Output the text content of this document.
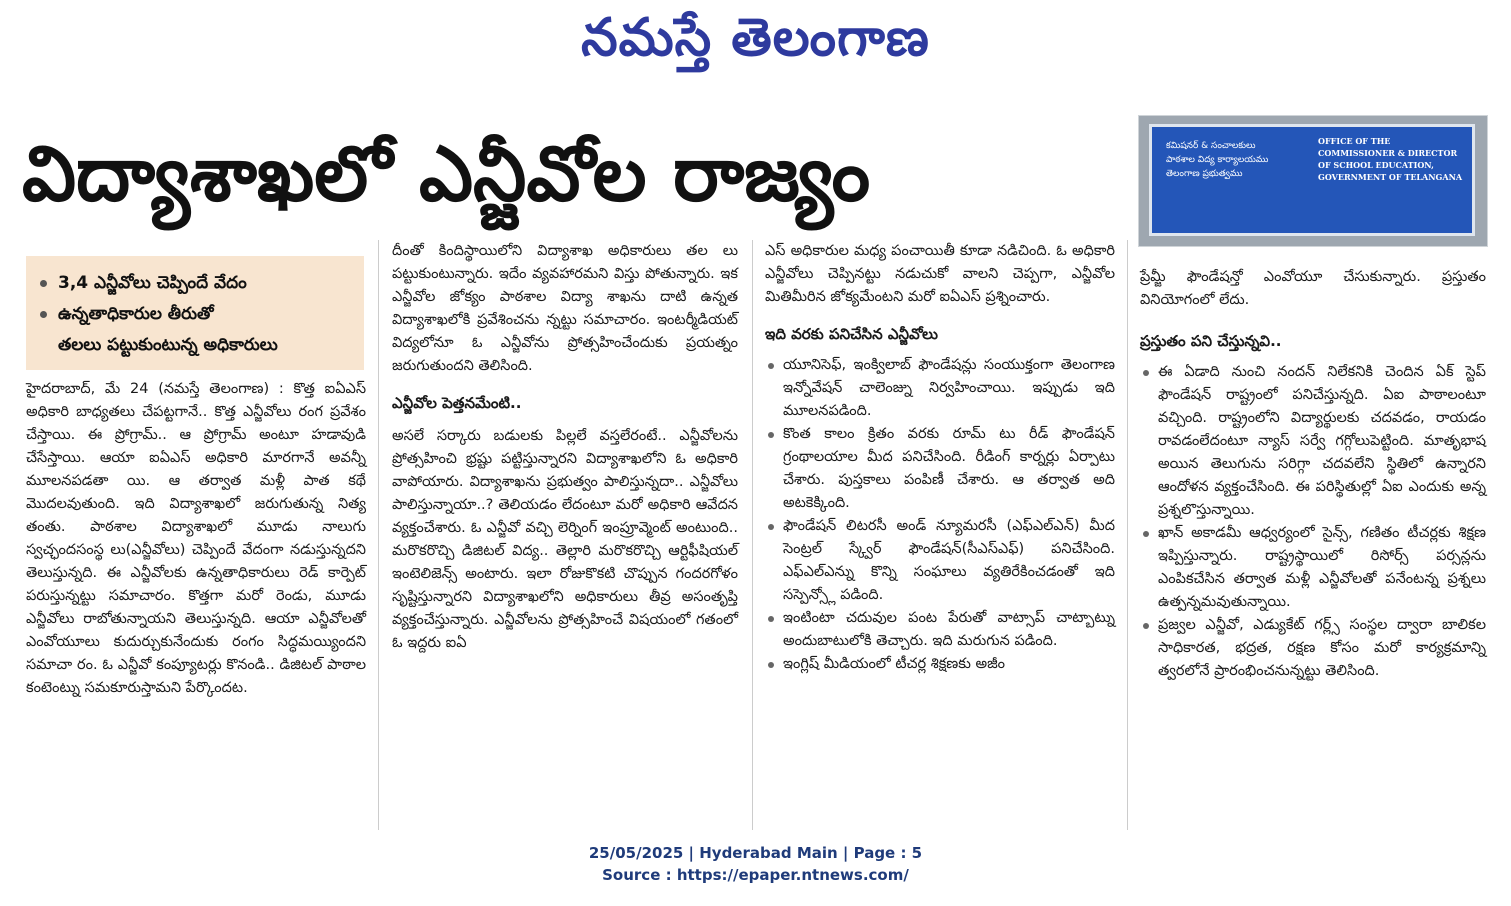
నమస్తే తెలంగాణ
విద్యాశాఖలో ఎన్జీవోల రాజ్యం	కమిషనర్ & సంచాలకులు
పాఠశాల విద్య కార్యాలయము
తెలంగాణ ప్రభుత్వము
OFFICE OF THE
COMMISSIONER & DIRECTOR
OF SCHOOL EDUCATION,
GOVERNMENT OF TELANGANA
3,4 ఎన్జీవోలు చెప్పిందే వేదం
ఉన్నతాధికారుల తీరుతో
తలలు పట్టుకుంటున్న అధికారులు

హైదరాబాద్, మే 24 (నమస్తే తెలంగాణ) : కొత్త ఐఏఎస్ అధికారి బాధ్యతలు చేపట్టగానే.. కొత్త ఎన్జీవోలు రంగ ప్రవేశం చేస్తాయి. ఈ ప్రోగ్రామ్.. ఆ ప్రోగ్రామ్ అంటూ హడావుడి చేసేస్తాయి. ఆయా ఐఏఎస్ అధికారి మారగానే అవన్నీ మూలనపడతా యి. ఆ తర్వాత మళ్లీ పాత కథే మొదలవుతుంది. ఇది విద్యాశాఖలో జరుగుతున్న నిత్య తంతు. పాఠశాల విద్యాశాఖలో మూడు నాలుగు స్వచ్ఛందసంస్థ లు(ఎన్జీవోలు) చెప్పిందే వేదంగా నడుస్తున్నదని తెలుస్తున్నది. ఈ ఎన్జీవోలకు ఉన్నతాధికారులు రెడ్ కార్పెట్ పరుస్తున్నట్టు సమాచారం. కొత్తగా మరో రెండు, మూడు ఎన్జీవోలు రాబోతున్నాయని తెలుస్తున్నది. ఆయా ఎన్జీవోలతో ఎంవోయూలు కుదుర్చుకునేందుకు రంగం సిద్ధమయ్యిందని సమాచా రం. ఓ ఎన్జీవో కంప్యూటర్లు కొనండి.. డిజిటల్ పాఠాల కంటెంట్ను సమకూరుస్తామని పేర్కొందట.

దీంతో కిందిస్థాయిలోని విద్యాశాఖ అధికారులు తల లు పట్టుకుంటున్నారు. ఇదేం వ్యవహారమని విస్తు పోతున్నారు. ఇక ఎన్జీవోల జోక్యం పాఠశాల విద్యా శాఖను దాటి ఉన్నత విద్యాశాఖలోకి ప్రవేశించను న్నట్టు సమాచారం. ఇంటర్మీడియట్ విద్యలోనూ ఓ ఎన్జీవోను ప్రోత్సహించేందుకు ప్రయత్నం జరుగుతుందని తెలిసింది.

ఎన్జీవోల పెత్తనమేంటి..

అసలే సర్కారు బడులకు పిల్లలే వస్తలేరంటే.. ఎన్జీవోలను ప్రోత్సహించి భ్రష్టు పట్టిస్తున్నారని విద్యాశాఖలోని ఓ అధికారి వాపోయారు. విద్యాశాఖను ప్రభుత్వం పాలిస్తున్నదా.. ఎన్జీవోలు పాలిస్తున్నాయా..? తెలియడం లేదంటూ మరో అధికారి ఆవేదన వ్యక్తంచేశారు. ఓ ఎన్జీవో వచ్చి లెర్నింగ్ ఇంప్రూవ్మెంట్ అంటుంది.. మరొకరొచ్చి డిజిటల్ విద్య.. తెల్లారి మరొకరొచ్చి ఆర్టిఫీషియల్ ఇంటెలిజెన్స్ అంటారు. ఇలా రోజుకొకటి చొప్పున గందరగోళం సృష్టిస్తున్నారని విద్యాశాఖలోని అధికారులు తీవ్ర అసంతృప్తి వ్యక్తంచేస్తున్నారు. ఎన్జీవోలను ప్రోత్సహించే విషయంలో గతంలో ఓ ఇద్దరు ఐఏ

ఎస్ అధికారుల మధ్య పంచాయితీ కూడా నడిచింది. ఓ అధికారి ఎన్జీవోలు చెప్పినట్టు నడుచుకో వాలని చెప్పగా, ఎన్జీవోల మితిమీరిన జోక్యమేంటని మరో ఐఏఎస్ ప్రశ్నించారు.

ఇది వరకు పనిచేసిన ఎన్జీవోలు

యూనిసెఫ్, ఇంక్విలాబ్ ఫౌండేషన్లు సంయుక్తంగా తెలంగాణ ఇన్నోవేషన్ చాలెంజ్ను నిర్వహించాయి. ఇప్పుడు ఇది మూలనపడింది.
కొంత కాలం క్రితం వరకు రూమ్ టు రీడ్ ఫౌండేషన్ గ్రంథాలయాల మీద పనిచేసింది. రీడింగ్ కార్నర్లు ఏర్పాటు చేశారు. పుస్తకాలు పంపిణీ చేశారు. ఆ తర్వాత అది అటకెక్కింది.
ఫౌండేషన్ లిటరసీ అండ్ న్యూమరసీ (ఎఫ్ఎల్ఎన్) మీద సెంట్రల్ స్క్వేర్ ఫౌండేషన్(సీఎస్ఎఫ్) పనిచేసింది. ఎఫ్ఎల్ఎన్ను కొన్ని సంఘాలు వ్యతిరేకించడంతో ఇది సస్పెన్స్లో పడింది.
ఇంటింటా చదువుల పంట పేరుతో వాట్సాప్ చాట్బాట్ను అందుబాటులోకి తెచ్చారు. ఇది మరుగున పడింది.
ఇంగ్లిష్ మీడియంలో టీచర్ల శిక్షణకు అజీం

ప్రేమ్జీ ఫౌండేషన్తో ఎంవోయూ చేసుకున్నారు. ప్రస్తుతం వినియోగంలో లేదు.

ప్రస్తుతం పని చేస్తున్నవి..

ఈ ఏడాది నుంచి నందన్ నిలేకనికి చెందిన ఏక్ స్టెప్ ఫౌండేషన్ రాష్ట్రంలో పనిచేస్తున్నది. ఏఐ పాఠాలంటూ వచ్చింది. రాష్ట్రంలోని విద్యార్థులకు చదవడం, రాయడం రావడంలేదంటూ న్యాస్ సర్వే గగ్గోలుపెట్టింది. మాతృభాష అయిన తెలుగును సరిగ్గా చదవలేని స్థితిలో ఉన్నారని ఆందోళన వ్యక్తంచేసింది. ఈ పరిస్థితుల్లో ఏఐ ఎందుకు అన్న ప్రశ్నలొస్తున్నాయి.
ఖాన్ అకాడమీ ఆధ్వర్యంలో సైన్స్, గణితం టీచర్లకు శిక్షణ ఇప్పిస్తున్నారు. రాష్ట్రస్థాయిలో రిసోర్స్ పర్సన్లను ఎంపికచేసిన తర్వాత మళ్లీ ఎన్జీవోలతో పనేంటన్న ప్రశ్నలు ఉత్పన్నమవుతున్నాయి.
ప్రజ్వల ఎన్జీవో, ఎడ్యుకేట్ గర్ల్స్ సంస్థల ద్వారా బాలికల సాధికారత, భద్రత, రక్షణ కోసం మరో కార్యక్రమాన్ని త్వరలోనే ప్రారంభించనున్నట్టు తెలిసింది.
25/05/2025 | Hyderabad Main | Page : 5
Source : https://epaper.ntnews.com/
